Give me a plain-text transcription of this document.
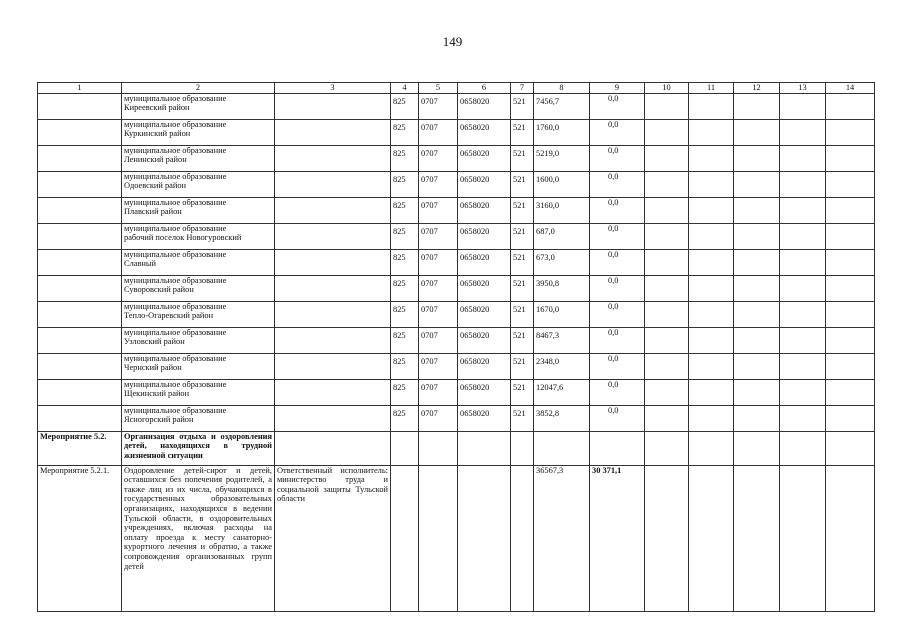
149
1	2	3	4	5	6	7	8	9	10	11	12	13	14

	муниципальное образование
Киреевский район		825	0707	0658020	521	7456,7	0,0					

	муниципальное образование
Куркинский район		825	0707	0658020	521	1760,0	0,0					

	муниципальное образование
Ленинский район		825	0707	0658020	521	5219,0	0,0					

	муниципальное образование
Одоевский район		825	0707	0658020	521	1600,0	0,0					

	муниципальное образование
Плавский район		825	0707	0658020	521	3160,0	0,0					

	муниципальное образование
рабочий поселок Новогуровский		825	0707	0658020	521	687,0	0,0					

	муниципальное образование
Славный		825	0707	0658020	521	673,0	0,0					

	муниципальное образование
Суворовский район		825	0707	0658020	521	3950,8	0,0					

	муниципальное образование
Тепло-Огаревский район		825	0707	0658020	521	1670,0	0,0					

	муниципальное образование
Узловский район		825	0707	0658020	521	8467,3	0,0					

	муниципальное образование
Чернский район		825	0707	0658020	521	2348,0	0,0					

	муниципальное образование
Щекинский район		825	0707	0658020	521	12047,6	0,0					

	муниципальное образование
Ясногорский район		825	0707	0658020	521	3852,8	0,0					
Мероприятие 5.2.	Организация отдыха и оздоровления детей, находящихся в трудной жизненной ситуации												
Мероприятие 5.2.1.	Оздоровление детей-сирот и детей, оставшихся без попечения родителей, а также лиц из их числа, обучающихся в государственных образовательных организациях, находящихся в ведении Тульской области, в оздоровительных учреждениях, включая расходы на оплату проезда к месту санаторно-курортного лечения и обратно, а также сопровождения организованных групп детей	Ответственный исполнитель: министерство труда и социальной защиты Тульской области					36567,3	30 371,1					
